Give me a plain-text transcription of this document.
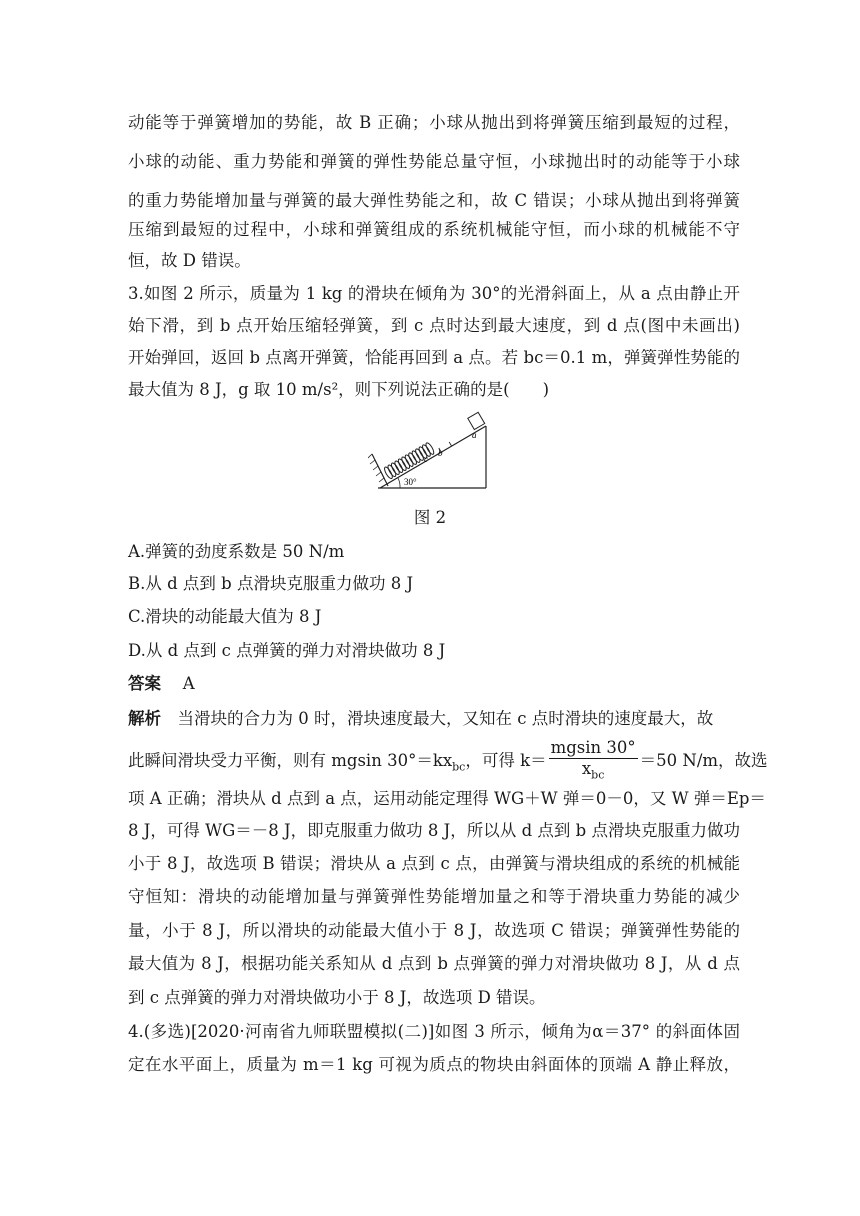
动能等于弹簧增加的势能，故 B 正确；小球从抛出到将弹簧压缩到最短的过程，
小球的动能、重力势能和弹簧的弹性势能总量守恒，小球抛出时的动能等于小球
的重力势能增加量与弹簧的最大弹性势能之和，故 C 错误；小球从抛出到将弹簧
压缩到最短的过程中，小球和弹簧组成的系统机械能守恒，而小球的机械能不守
恒，故 D 错误。
3.如图 2 所示，质量为 1 kg 的滑块在倾角为 30°的光滑斜面上，从 a 点由静止开
始下滑，到 b 点开始压缩轻弹簧，到 c 点时达到最大速度，到 d 点(图中未画出)
开始弹回，返回 b 点离开弹簧，恰能再回到 a 点。若 bc＝0.1 m，弹簧弹性势能的
最大值为 8 J，g 取 10 m/s²，则下列说法正确的是(　　)
c
b
a
30°
图 2
A.弹簧的劲度系数是 50 N/m
B.从 d 点到 b 点滑块克服重力做功 8 J
C.滑块的动能最大值为 8 J
D.从 d 点到 c 点弹簧的弹力对滑块做功 8 J
答案　 A
解析　 当滑块的合力为 0 时，滑块速度最大，又知在 c 点时滑块的速度最大，故
此瞬间滑块受力平衡，则有 mgsin $30^\circ=kx_{bc}$，可得 $k= \frac{mgsin 30^\circ}{x_{bc}} =50$ N/m，故选
项 A 正确；滑块从 d 点到 a 点，运用动能定理得 WG＋W 弹＝0－0，又 W 弹＝Ep＝
8 J，可得 WG＝－8 J，即克服重力做功 8 J，所以从 d 点到 b 点滑块克服重力做功
小于 8 J，故选项 B 错误；滑块从 a 点到 c 点，由弹簧与滑块组成的系统的机械能
守恒知：滑块的动能增加量与弹簧弹性势能增加量之和等于滑块重力势能的减少
量，小于 8 J，所以滑块的动能最大值小于 8 J，故选项 C 错误；弹簧弹性势能的
最大值为 8 J，根据功能关系知从 d 点到 b 点弹簧的弹力对滑块做功 8 J，从 d 点
到 c 点弹簧的弹力对滑块做功小于 8 J，故选项 D 错误。
4.(多选)[2020·河南省九师联盟模拟(二)]如图 3 所示，倾角为α＝37° 的斜面体固
定在水平面上，质量为 m＝1 kg 可视为质点的物块由斜面体的顶端 A 静止释放，
